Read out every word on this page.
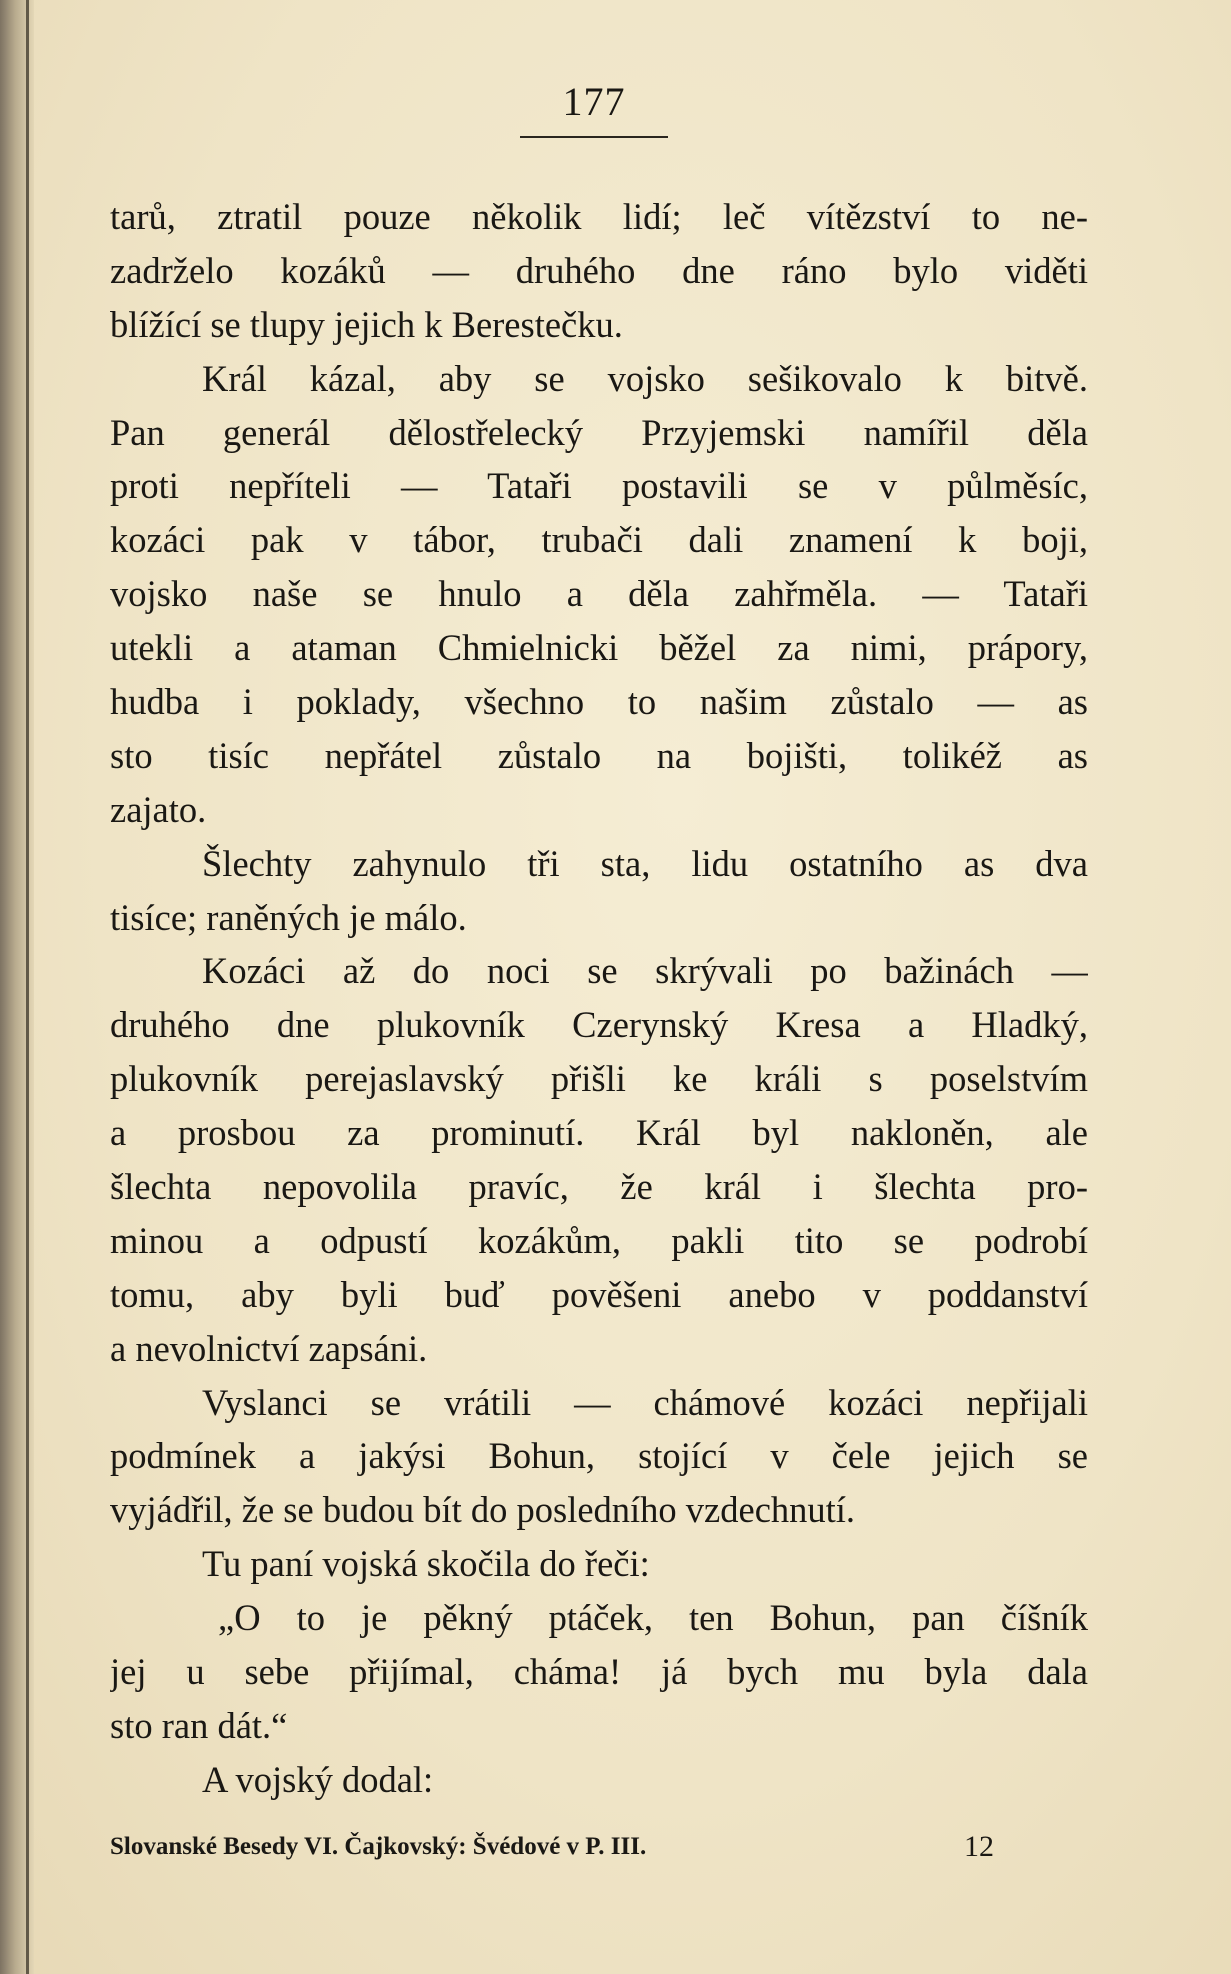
177
tarů, ztratil pouze několik lidí; leč vítězství to ne-
zadrželo kozáků — druhého dne ráno bylo viděti
blížící se tlupy jejich k Berestečku.
Král kázal, aby se vojsko sešikovalo k bitvě.
Pan generál dělostřelecký Przyjemski namířil děla
proti nepříteli — Tataři postavili se v půlměsíc,
kozáci pak v tábor, trubači dali znamení k boji,
vojsko naše se hnulo a děla zahřměla. — Tataři
utekli a ataman Chmielnicki běžel za nimi, prápory,
hudba i poklady, všechno to našim zůstalo — as
sto tisíc nepřátel zůstalo na bojišti, tolikéž as
zajato.
Šlechty zahynulo tři sta, lidu ostatního as dva
tisíce; raněných je málo.
Kozáci až do noci se skrývali po bažinách —
druhého dne plukovník Czerynský Kresa a Hladký,
plukovník perejaslavský přišli ke králi s poselstvím
a prosbou za prominutí. Král byl nakloněn, ale
šlechta nepovolila pravíc, že král i šlechta pro-
minou a odpustí kozákům, pakli tito se podrobí
tomu, aby byli buď pověšeni anebo v poddanství
a nevolnictví zapsáni.
Vyslanci se vrátili — chámové kozáci nepřijali
podmínek a jakýsi Bohun, stojící v čele jejich se
vyjádřil, že se budou bít do posledního vzdechnutí.
Tu paní vojská skočila do řeči:
„O to je pěkný ptáček, ten Bohun, pan číšník
jej u sebe přijímal, cháma! já bych mu byla dala
sto ran dát.“
A vojský dodal:
Slovanské Besedy VI. Čajkovský: Švédové v P. III.	12
